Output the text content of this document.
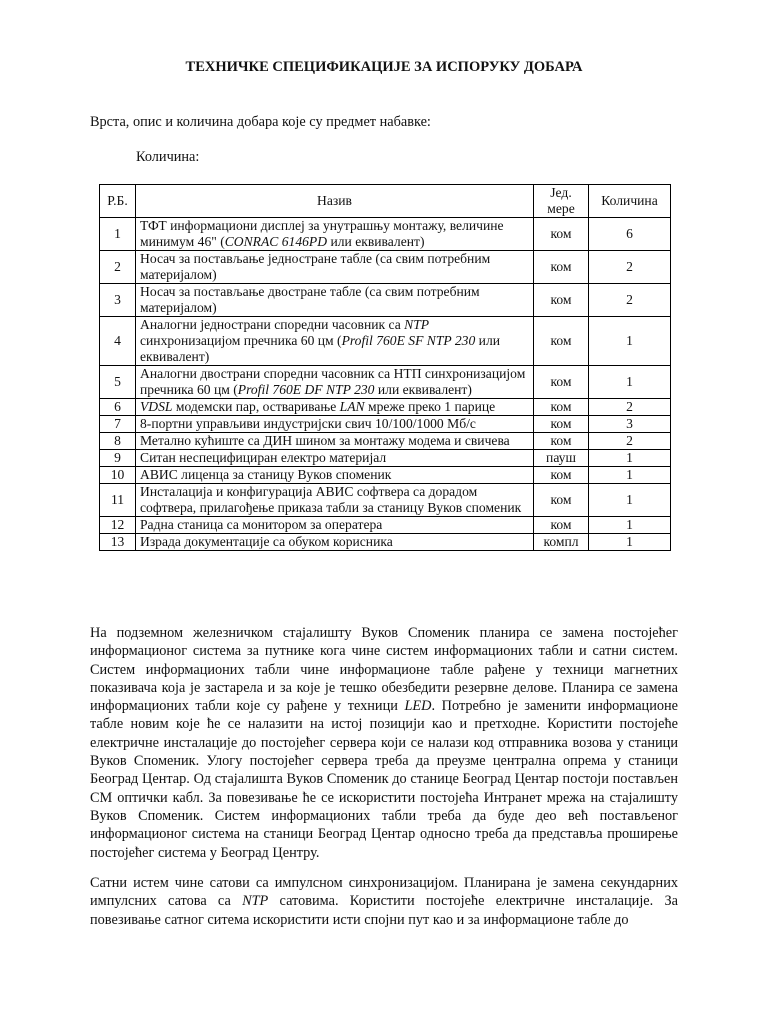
ТЕХНИЧКЕ СПЕЦИФИКАЦИЈЕ ЗА ИСПОРУКУ ДОБАРА
Врста, опис и количина добара које су предмет набавке:
Количина:
Р.Б.	Назив	Јед. мере	Количина
1	ТФТ информациони дисплеј за унутрашњу монтажу, величине минимум 46" (CONRAC 6146PD или еквивалент)	ком	6
2	Носач за постављање једностране табле (са свим потребним материјалом)	ком	2
3	Носач за постављање двостране табле (са свим потребним материјалом)	ком	2
4	Аналогни једнострани споредни часовник са NTP синхронизацијом пречника 60 цм (Profil 760E SF NTP 230 или еквивалент)	ком	1
5	Аналогни двострани споредни часовник са НТП синхронизацијом пречника 60 цм (Profil 760E DF NTP 230 или еквивалент)	ком	1
6	VDSL модемски пар, остваривање LAN мреже преко 1 парице	ком	2
7	8-портни управљиви индустријски свич 10/100/1000 Мб/с	ком	3
8	Метално кућиште са ДИН шином за монтажу модема и свичева	ком	2
9	Ситан неспецифициран електро материјал	пауш	1
10	АВИС лиценца за станицу Вуков споменик	ком	1
11	Инсталација и конфигурација АВИС софтвера са дорадом софтвера, прилагођење приказа табли за станицу Вуков споменик	ком	1
12	Радна станица са монитором за оператера	ком	1
13	Израда документације са обуком корисника	компл	1

На подземном железничком стајалишту Вуков Споменик планира се замена постојећег информационог система за путнике кога чине систем информационих табли и сатни систем. Систем информационих табли чине информационе табле рађене у техници магнетних показивача која је застарела и за које је тешко обезбедити резервне делове. Планира се замена информационих табли које су рађене у техници LED. Потребно је заменити информационе табле новим које ће се налазити на истој позицији као и претходне. Користити постојеће електричне инсталације до постојећег сервера који се налази код отправника возова у станици Вуков Споменик. Улогу постојећег сервера треба да преузме централна опрема у станици Београд Центар. Од стајалишта Вуков Споменик до станице Београд Центар постоји постављен СМ оптички кабл. За повезивање ће се искористити постојећа Интранет мрежа на стајалишту Вуков Споменик. Систем информационих табли треба да буде део већ постављеног информационог система на станици Београд Центар односно треба да представља проширење постојећег система у Београд Центру.

Сатни истем чине сатови са импулсном синхронизацијом. Планирана је замена секундарних импулсних сатова са NTP сатовима. Користити постојеће електричне инсталације. За повезивање сатног ситема искористити исти спојни пут као и за информационе табле до
